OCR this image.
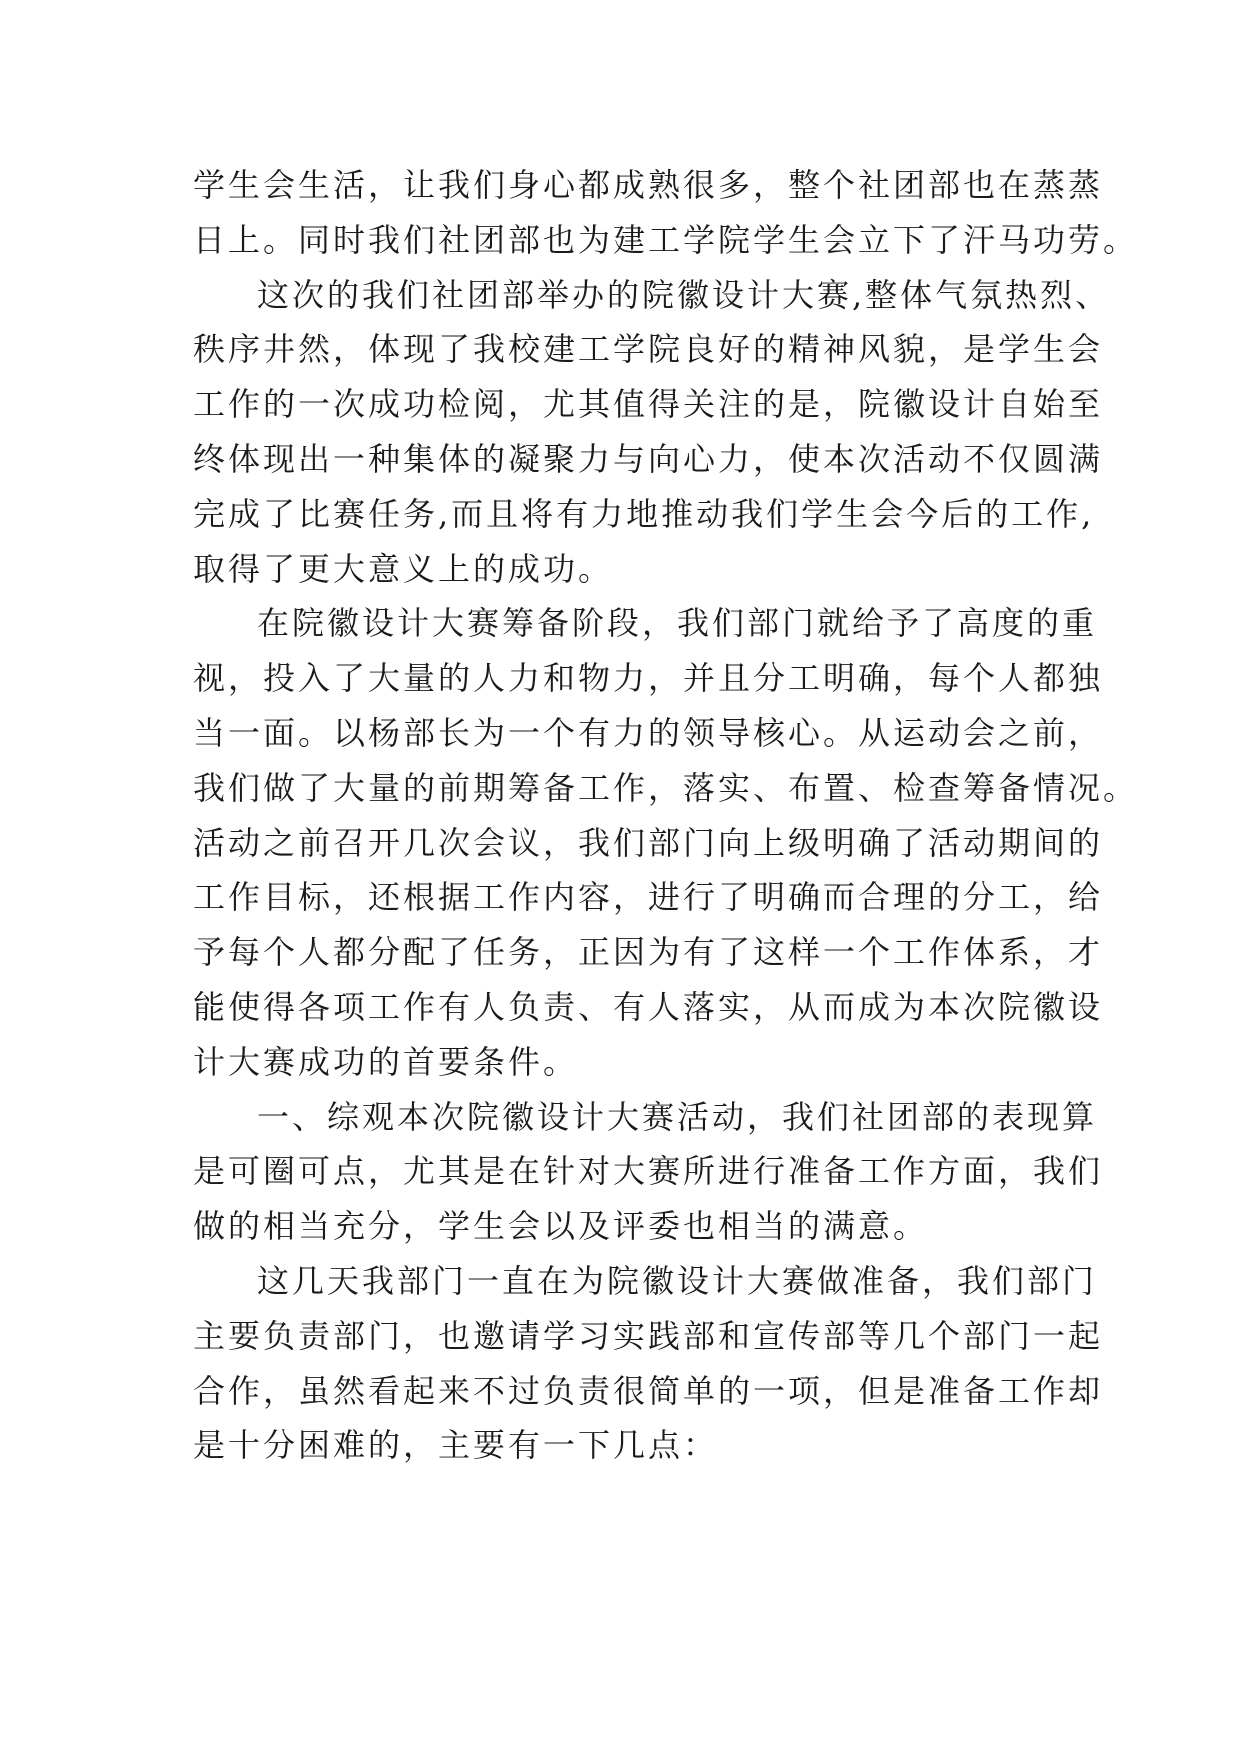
学生会生活，让我们身心都成熟很多，整个社团部也在蒸蒸
日上。同时我们社团部也为建工学院学生会立下了汗马功劳。
这次的我们社团部举办的院徽设计大赛,整体气氛热烈、
秩序井然，体现了我校建工学院良好的精神风貌，是学生会
工作的一次成功检阅，尤其值得关注的是，院徽设计自始至
终体现出一种集体的凝聚力与向心力，使本次活动不仅圆满
完成了比赛任务,而且将有力地推动我们学生会今后的工作,
取得了更大意义上的成功。
在院徽设计大赛筹备阶段，我们部门就给予了高度的重
视，投入了大量的人力和物力，并且分工明确，每个人都独
当一面。以杨部长为一个有力的领导核心。从运动会之前，
我们做了大量的前期筹备工作，落实、布置、检查筹备情况。
活动之前召开几次会议，我们部门向上级明确了活动期间的
工作目标，还根据工作内容，进行了明确而合理的分工，给
予每个人都分配了任务，正因为有了这样一个工作体系，才
能使得各项工作有人负责、有人落实，从而成为本次院徽设
计大赛成功的首要条件。
一、综观本次院徽设计大赛活动，我们社团部的表现算
是可圈可点，尤其是在针对大赛所进行准备工作方面，我们
做的相当充分，学生会以及评委也相当的满意。
这几天我部门一直在为院徽设计大赛做准备，我们部门
主要负责部门，也邀请学习实践部和宣传部等几个部门一起
合作，虽然看起来不过负责很简单的一项，但是准备工作却
是十分困难的，主要有一下几点：
